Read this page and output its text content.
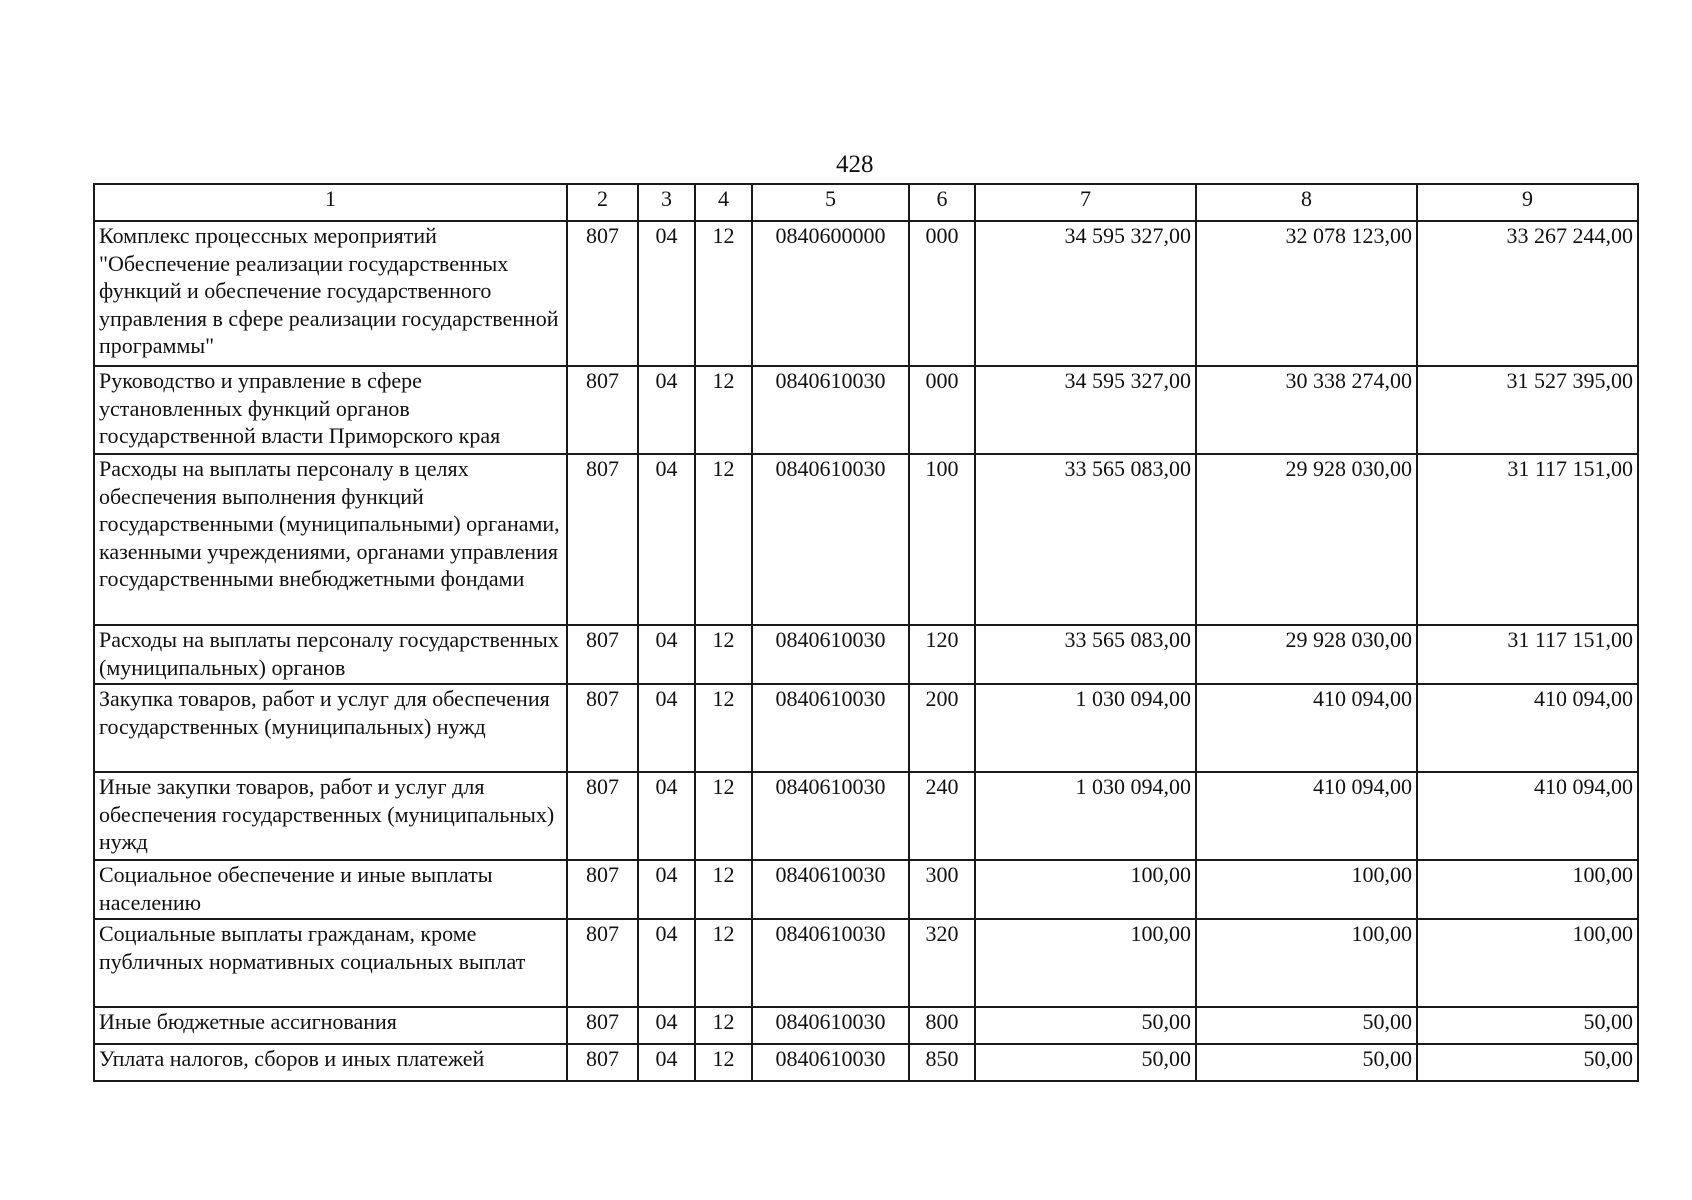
428
1	2	3	4	5	6	7	8	9
Комплекс процессных мероприятий "Обеспечение реализации государственных функций и обеспечение государственного управления в сфере реализации государственной программы"	807	04	12	0840600000	000	34 595 327,00	32 078 123,00	33 267 244,00
Руководство и управление в сфере установленных функций органов государственной власти Приморского края	807	04	12	0840610030	000	34 595 327,00	30 338 274,00	31 527 395,00
Расходы на выплаты персоналу в целях обеспечения выполнения функций государственными (муниципальными) органами, казенными учреждениями, органами управления государственными внебюджетными фондами	807	04	12	0840610030	100	33 565 083,00	29 928 030,00	31 117 151,00
Расходы на выплаты персоналу государственных (муниципальных) органов	807	04	12	0840610030	120	33 565 083,00	29 928 030,00	31 117 151,00
Закупка товаров, работ и услуг для обеспечения государственных (муниципальных) нужд	807	04	12	0840610030	200	1 030 094,00	410 094,00	410 094,00
Иные закупки товаров, работ и услуг для обеспечения государственных (муниципальных) нужд	807	04	12	0840610030	240	1 030 094,00	410 094,00	410 094,00
Социальное обеспечение и иные выплаты населению	807	04	12	0840610030	300	100,00	100,00	100,00
Социальные выплаты гражданам, кроме публичных нормативных социальных выплат	807	04	12	0840610030	320	100,00	100,00	100,00
Иные бюджетные ассигнования	807	04	12	0840610030	800	50,00	50,00	50,00
Уплата налогов, сборов и иных платежей	807	04	12	0840610030	850	50,00	50,00	50,00
